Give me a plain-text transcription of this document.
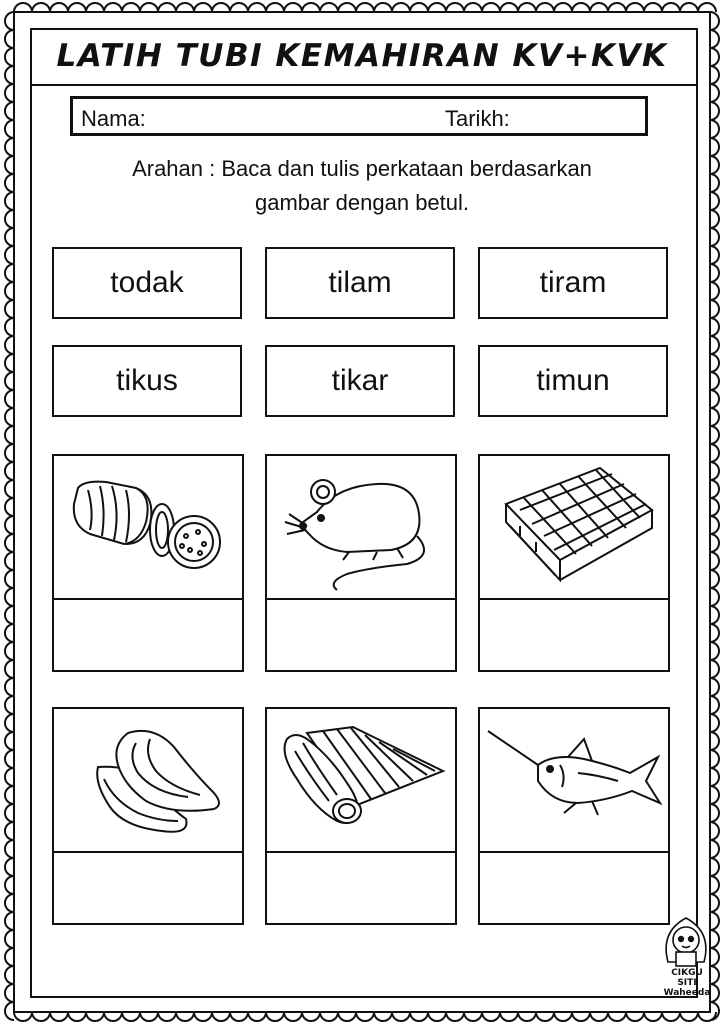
LATIH TUBI KEMAHIRAN KV+KVK
Nama:	Tarikh:
Arahan : Baca dan tulis perkataan berdasarkan
gambar dengan betul.
todak	tilam	tiram
tikus	tikar	timun
CIKGU
SITI
Waheeda
